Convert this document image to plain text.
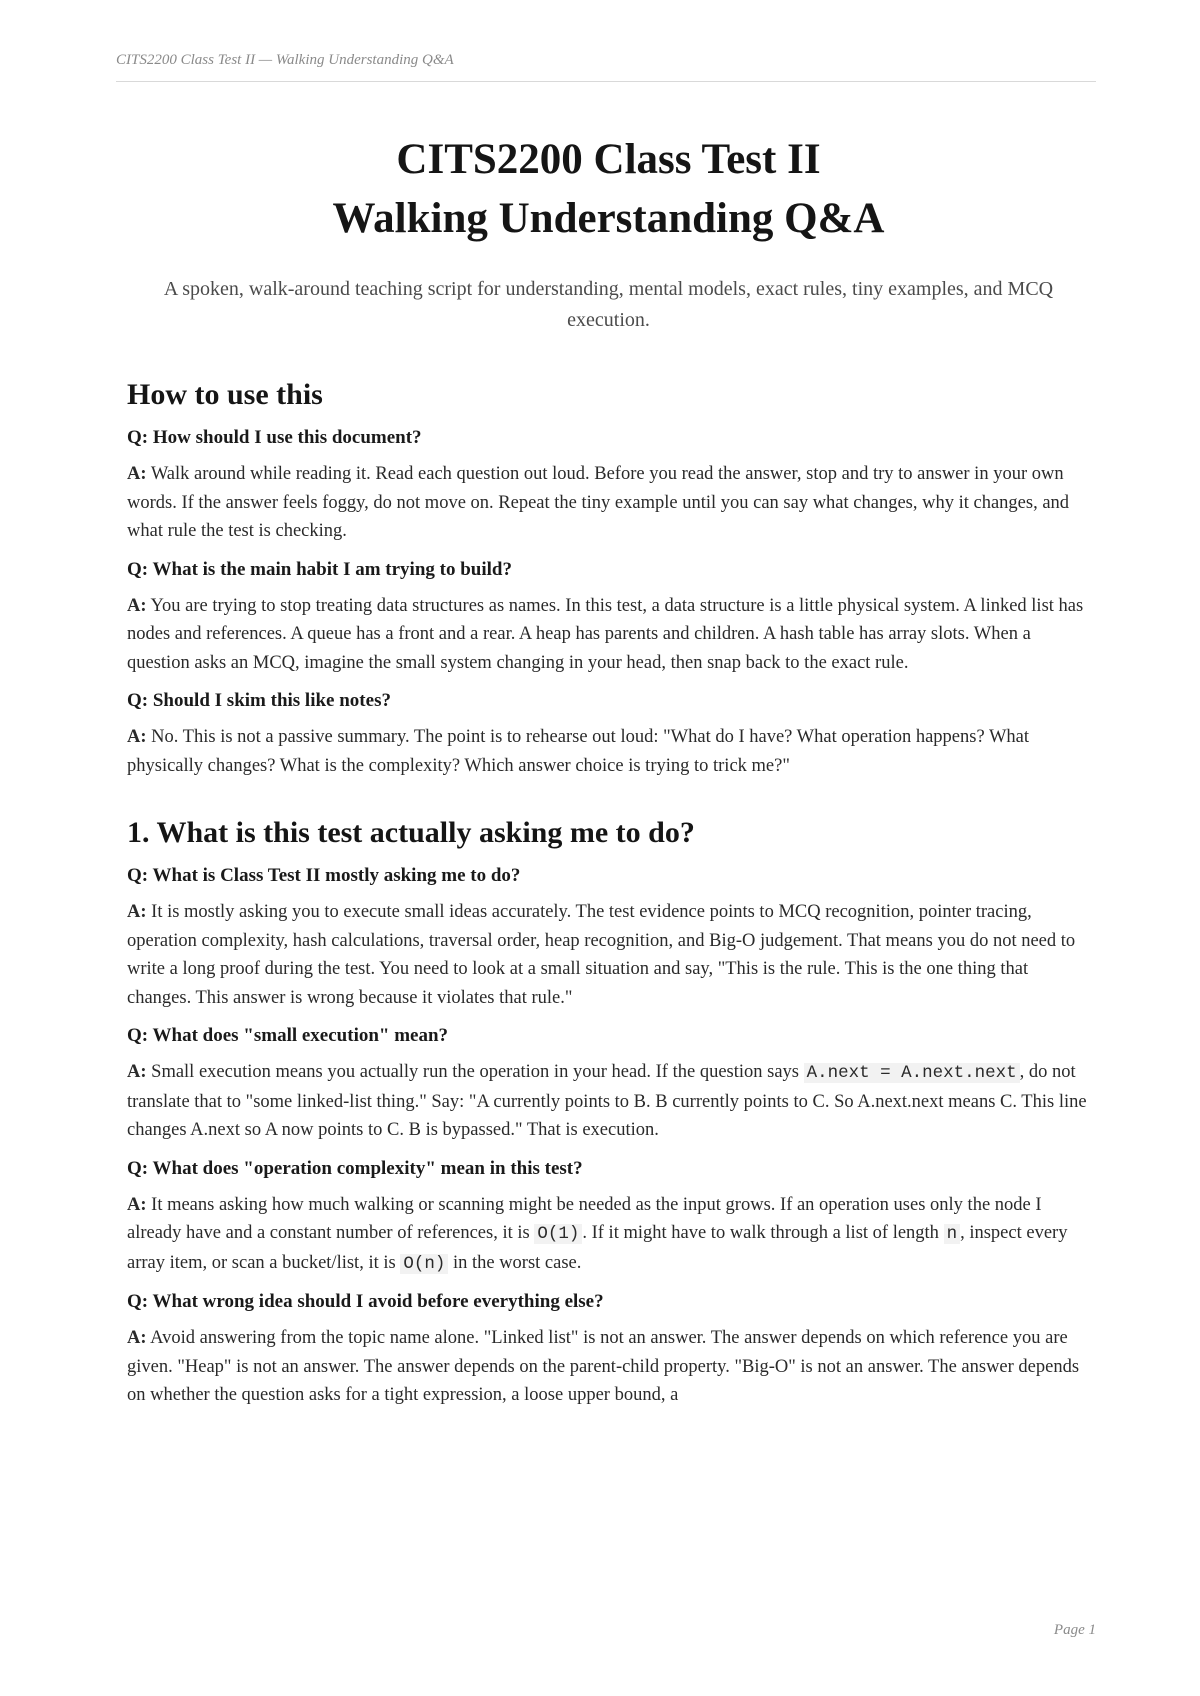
CITS2200 Class Test II — Walking Understanding Q&A
CITS2200 Class Test II
Walking Understanding Q&A

A spoken, walk-around teaching script for understanding, mental models, exact rules, tiny examples, and MCQ execution.

How to use this

Q: How should I use this document?

A: Walk around while reading it. Read each question out loud. Before you read the answer, stop and try to answer in your own words. If the answer feels foggy, do not move on. Repeat the tiny example until you can say what changes, why it changes, and what rule the test is checking.

Q: What is the main habit I am trying to build?

A: You are trying to stop treating data structures as names. In this test, a data structure is a little physical system. A linked list has nodes and references. A queue has a front and a rear. A heap has parents and children. A hash table has array slots. When a question asks an MCQ, imagine the small system changing in your head, then snap back to the exact rule.

Q: Should I skim this like notes?

A: No. This is not a passive summary. The point is to rehearse out loud: "What do I have? What operation happens? What physically changes? What is the complexity? Which answer choice is trying to trick me?"

1. What is this test actually asking me to do?

Q: What is Class Test II mostly asking me to do?

A: It is mostly asking you to execute small ideas accurately. The test evidence points to MCQ recognition, pointer tracing, operation complexity, hash calculations, traversal order, heap recognition, and Big-O judgement. That means you do not need to write a long proof during the test. You need to look at a small situation and say, "This is the rule. This is the one thing that changes. This answer is wrong because it violates that rule."

Q: What does "small execution" mean?

A: Small execution means you actually run the operation in your head. If the question says A.next = A.next.next , do not translate that to "some linked-list thing." Say: "A currently points to B. B currently points to C. So A.next.next means C. This line changes A.next so A now points to C. B is bypassed." That is execution.

Q: What does "operation complexity" mean in this test?

A: It means asking how much walking or scanning might be needed as the input grows. If an operation uses only the node I already have and a constant number of references, it is O(1) . If it might have to walk through a list of length n , inspect every array item, or scan a bucket/list, it is O(n) in the worst case.

Q: What wrong idea should I avoid before everything else?

A: Avoid answering from the topic name alone. "Linked list" is not an answer. The answer depends on which reference you are given. "Heap" is not an answer. The answer depends on the parent-child property. "Big-O" is not an answer. The answer depends on whether the question asks for a tight expression, a loose upper bound, a

Page 1
